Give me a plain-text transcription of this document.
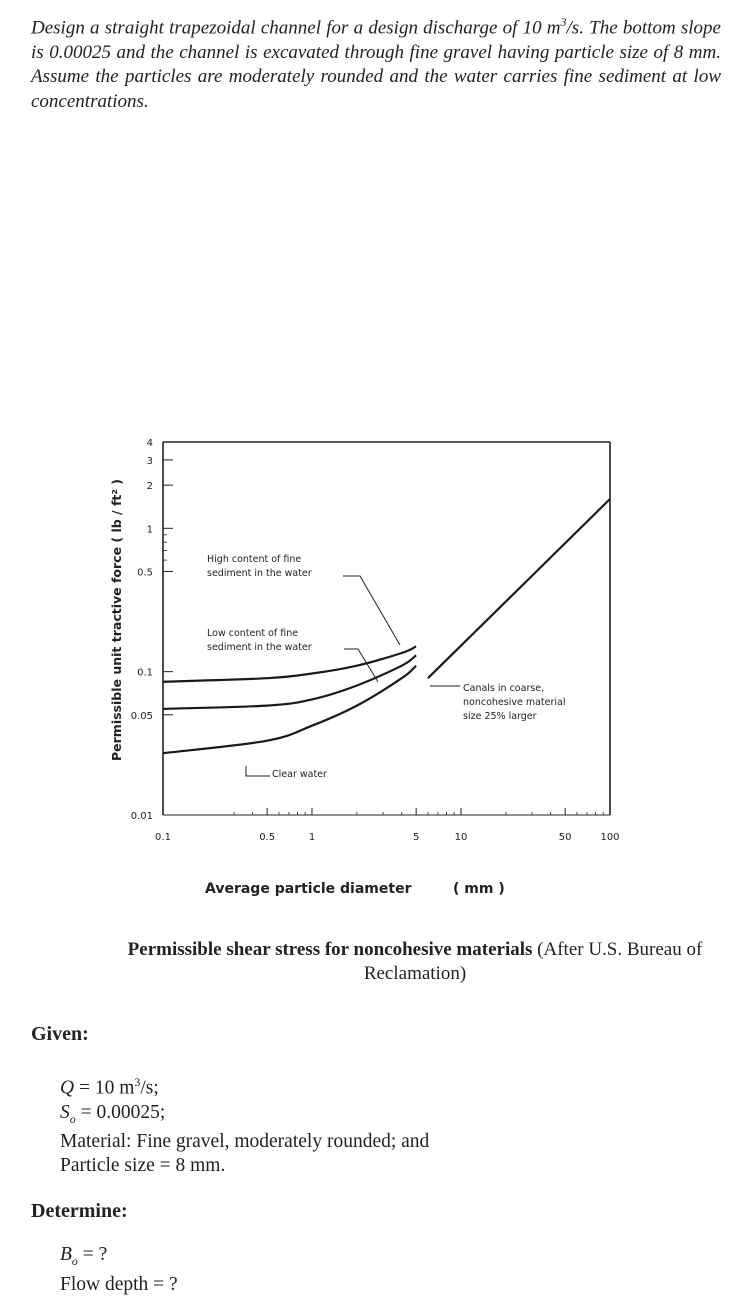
Design a straight trapezoidal channel for a design discharge of 10 $m^3/s$. The bottom slope is 0.00025 and the channel is excavated through fine gravel having particle size of 8 mm. Assume the particles are moderately rounded and the water carries fine sediment at low concentrations.

0.01
0.05
0.1
0.5
1
2
3
4
0.1	0.5	1	5	10	50	100
High content of fine
sediment in the water
Low content of fine
sediment in the water
Clear water
Canals in coarse,
noncohesive material
size 25% larger
Permissible unit tractive force ( lb / ft² )
Average particle diameter	( mm )
Permissible shear stress for noncohesive materials (After U.S. Bureau of Reclamation)
Given:
Q = 10 $m^3/s$;
$S_o = 0.00025$;
Material: Fine gravel, moderately rounded; and
Particle size = 8 mm.
Determine:
$B_o$ = ?
Flow depth = ?
